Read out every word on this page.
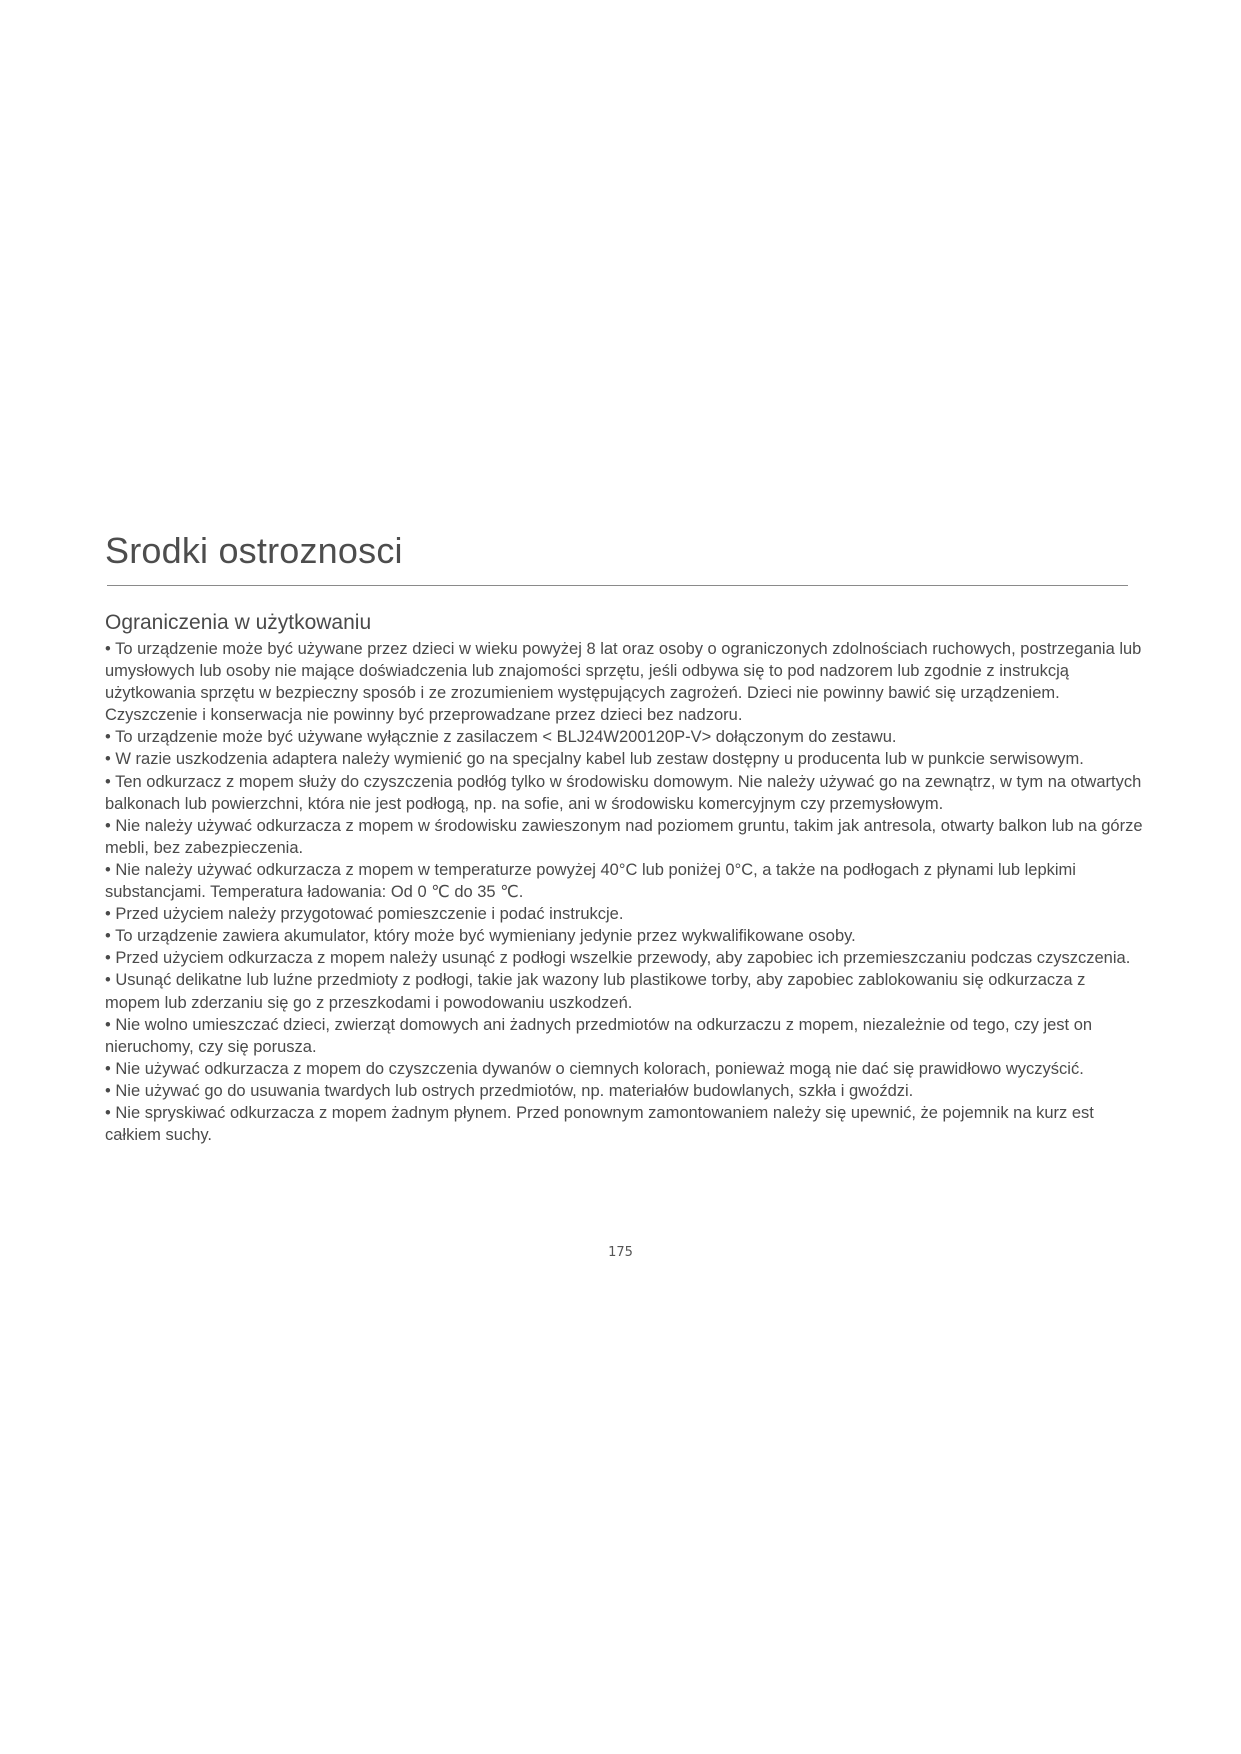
Srodki ostroznosci
Ograniczenia w użytkowaniu
• To urządzenie może być używane przez dzieci w wieku powyżej 8 lat oraz osoby o ograniczonych zdolnościach ruchowych, postrzegania lub umysłowych lub osoby nie mające doświadczenia lub znajomości sprzętu, jeśli odbywa się to pod nadzorem lub zgodnie z instrukcją użytkowania sprzętu w bezpieczny sposób i ze zrozumieniem występujących zagrożeń. Dzieci nie powinny bawić się urządzeniem. Czyszczenie i konserwacja nie powinny być przeprowadzane przez dzieci bez nadzoru.
• To urządzenie może być używane wyłącznie z zasilaczem < BLJ24W200120P-V> dołączonym do zestawu.
• W razie uszkodzenia adaptera należy wymienić go na specjalny kabel lub zestaw dostępny u producenta lub w punkcie serwisowym.
• Ten odkurzacz z mopem służy do czyszczenia podłóg tylko w środowisku domowym. Nie należy używać go na zewnątrz, w tym na otwartych balkonach lub powierzchni, która nie jest podłogą, np. na sofie, ani w środowisku komercyjnym czy przemysłowym.
• Nie należy używać odkurzacza z mopem w środowisku zawieszonym nad poziomem gruntu, takim jak antresola, otwarty balkon lub na górze mebli, bez zabezpieczenia.
• Nie należy używać odkurzacza z mopem w temperaturze powyżej 40°C lub poniżej 0°C, a także na podłogach z płynami lub lepkimi substancjami. Temperatura ładowania: Od 0 ℃ do 35 ℃.
• Przed użyciem należy przygotować pomieszczenie i podać instrukcje.
• To urządzenie zawiera akumulator, który może być wymieniany jedynie przez wykwalifikowane osoby.
• Przed użyciem odkurzacza z mopem należy usunąć z podłogi wszelkie przewody, aby zapobiec ich przemieszczaniu podczas czyszczenia.
• Usunąć delikatne lub luźne przedmioty z podłogi, takie jak wazony lub plastikowe torby, aby zapobiec zablokowaniu się odkurzacza z mopem lub zderzaniu się go z przeszkodami i powodowaniu uszkodzeń.
• Nie wolno umieszczać dzieci, zwierząt domowych ani żadnych przedmiotów na odkurzaczu z mopem, niezależnie od tego, czy jest on nieruchomy, czy się porusza.
• Nie używać odkurzacza z mopem do czyszczenia dywanów o ciemnych kolorach, ponieważ mogą nie dać się prawidłowo wyczyścić.
• Nie używać go do usuwania twardych lub ostrych przedmiotów, np. materiałów budowlanych, szkła i gwoździ.
• Nie spryskiwać odkurzacza z mopem żadnym płynem. Przed ponownym zamontowaniem należy się upewnić, że pojemnik na kurz est całkiem suchy.
175
